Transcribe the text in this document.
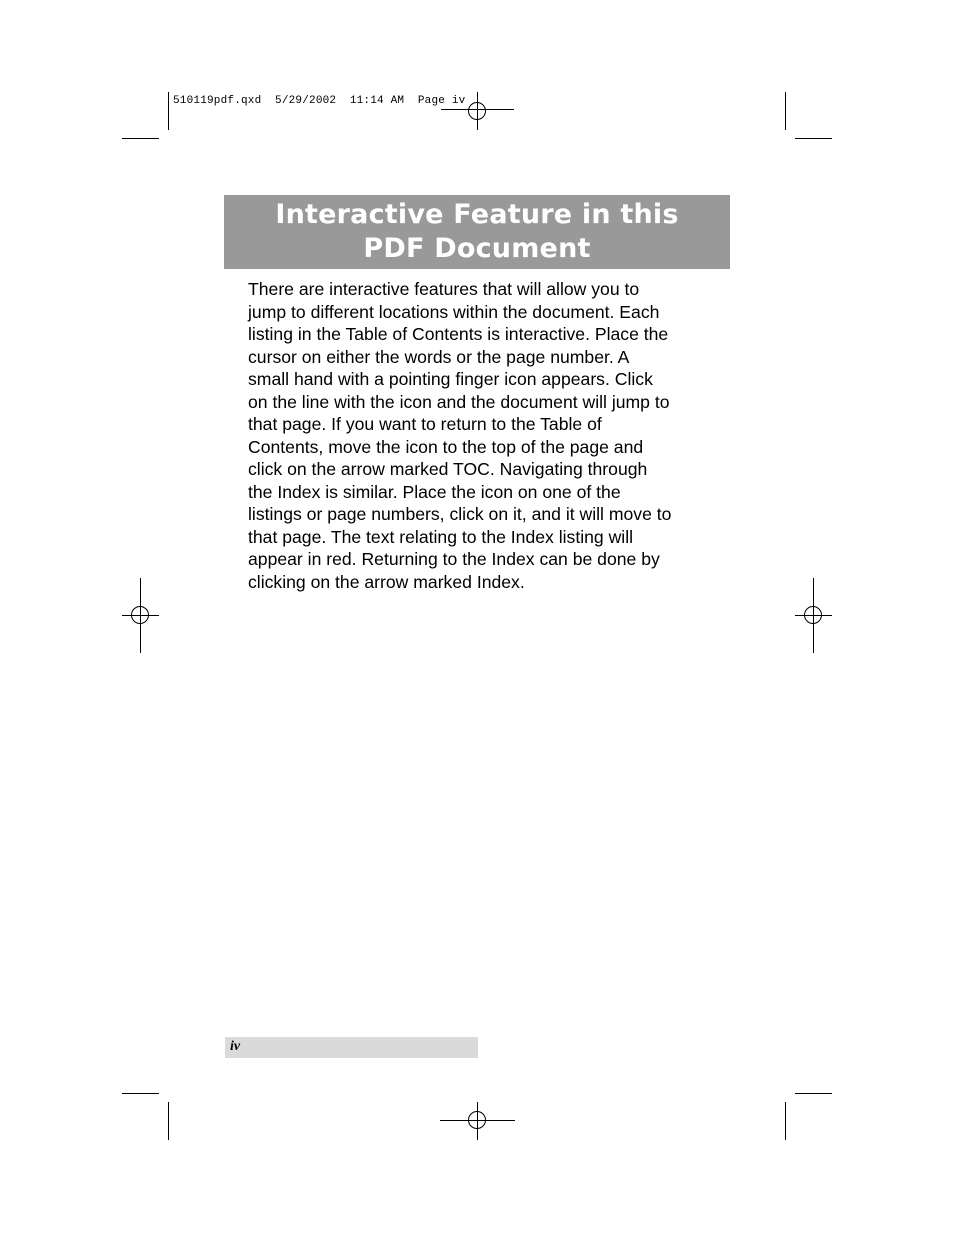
510119pdf.qxd  5/29/2002  11:14 AM  Page iv
Interactive Feature in this
PDF Document
There are interactive features that will allow you to
jump to different locations within the document. Each
listing in the Table of Contents is interactive. Place the
cursor on either the words or the page number. A
small hand with a pointing finger icon appears. Click
on the line with the icon and the document will jump to
that page. If you want to return to the Table of
Contents, move the icon to the top of the page and
click on the arrow marked TOC. Navigating through
the Index is similar. Place the icon on one of the
listings or page numbers, click on it, and it will move to
that page. The text relating to the Index listing will
appear in red. Returning to the Index can be done by
clicking on the arrow marked Index.
iv
